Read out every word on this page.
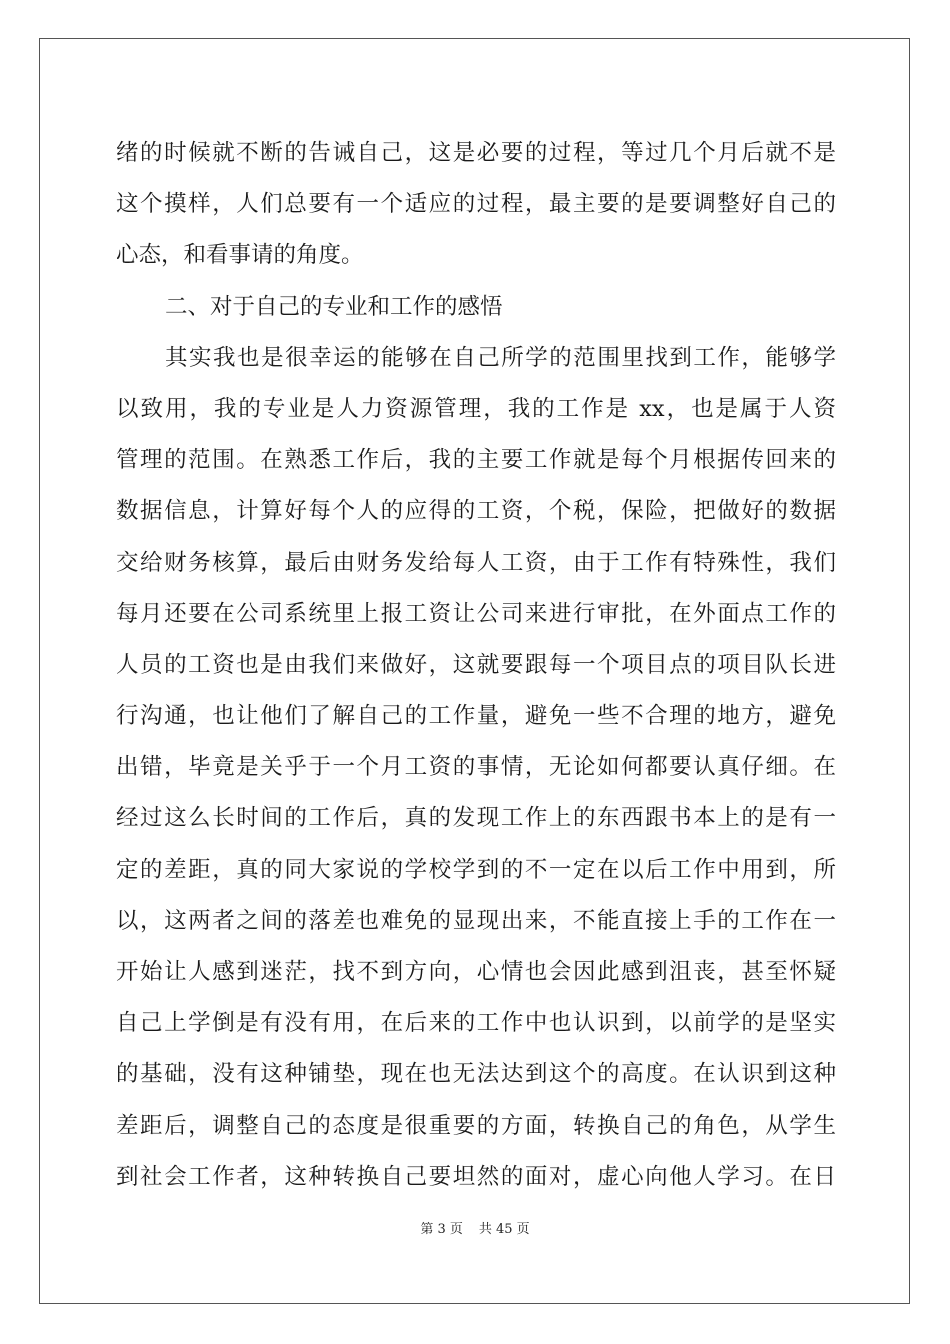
绪的时候就不断的告诫自己，这是必要的过程，等过几个月后就不是
这个摸样，人们总要有一个适应的过程，最主要的是要调整好自己的
心态，和看事请的角度。
二、对于自己的专业和工作的感悟
其实我也是很幸运的能够在自己所学的范围里找到工作，能够学
以致用，我的专业是人力资源管理，我的工作是 xx，也是属于人资
管理的范围。在熟悉工作后，我的主要工作就是每个月根据传回来的
数据信息，计算好每个人的应得的工资，个税，保险，把做好的数据
交给财务核算，最后由财务发给每人工资，由于工作有特殊性，我们
每月还要在公司系统里上报工资让公司来进行审批，在外面点工作的
人员的工资也是由我们来做好，这就要跟每一个项目点的项目队长进
行沟通，也让他们了解自己的工作量，避免一些不合理的地方，避免
出错，毕竟是关乎于一个月工资的事情，无论如何都要认真仔细。在
经过这么长时间的工作后，真的发现工作上的东西跟书本上的是有一
定的差距，真的同大家说的学校学到的不一定在以后工作中用到，所
以，这两者之间的落差也难免的显现出来，不能直接上手的工作在一
开始让人感到迷茫，找不到方向，心情也会因此感到沮丧，甚至怀疑
自己上学倒是有没有用，在后来的工作中也认识到，以前学的是坚实
的基础，没有这种铺垫，现在也无法达到这个的高度。在认识到这种
差距后，调整自己的态度是很重要的方面，转换自己的角色，从学生
到社会工作者，这种转换自己要坦然的面对，虚心向他人学习。在日
第 3 页 共 45 页
